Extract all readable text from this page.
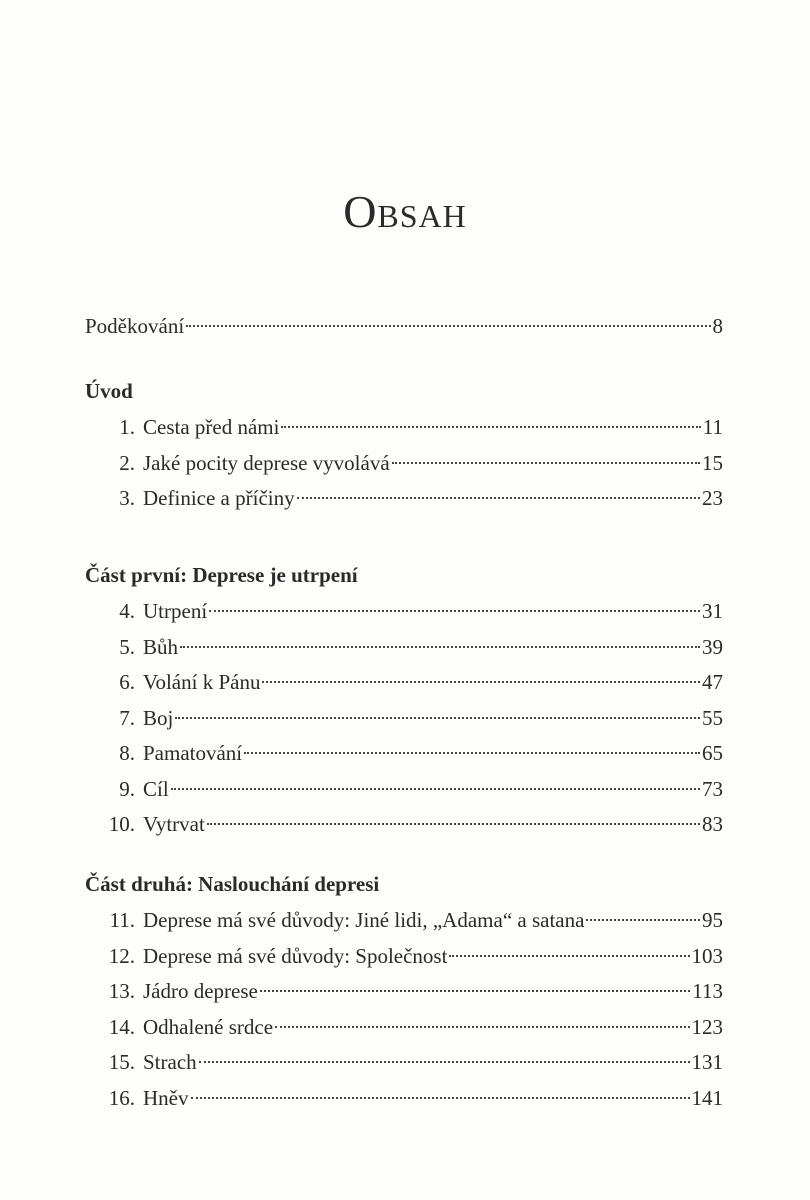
Obsah
Poděkování	8
Úvod
1. Cesta před námi	11
2. Jaké pocity deprese vyvolává	15
3. Definice a příčiny	23
Část první: Deprese je utrpení
4. Utrpení	31
5. Bůh	39
6. Volání k Pánu	47
7. Boj	55
8. Pamatování	65
9. Cíl	73
10. Vytrvat	83
Část druhá: Naslouchání depresi
11. Deprese má své důvody: Jiné lidi, „Adama“ a satana	95
12. Deprese má své důvody: Společnost	103
13. Jádro deprese	113
14. Odhalené srdce	123
15. Strach	131
16. Hněv	141
